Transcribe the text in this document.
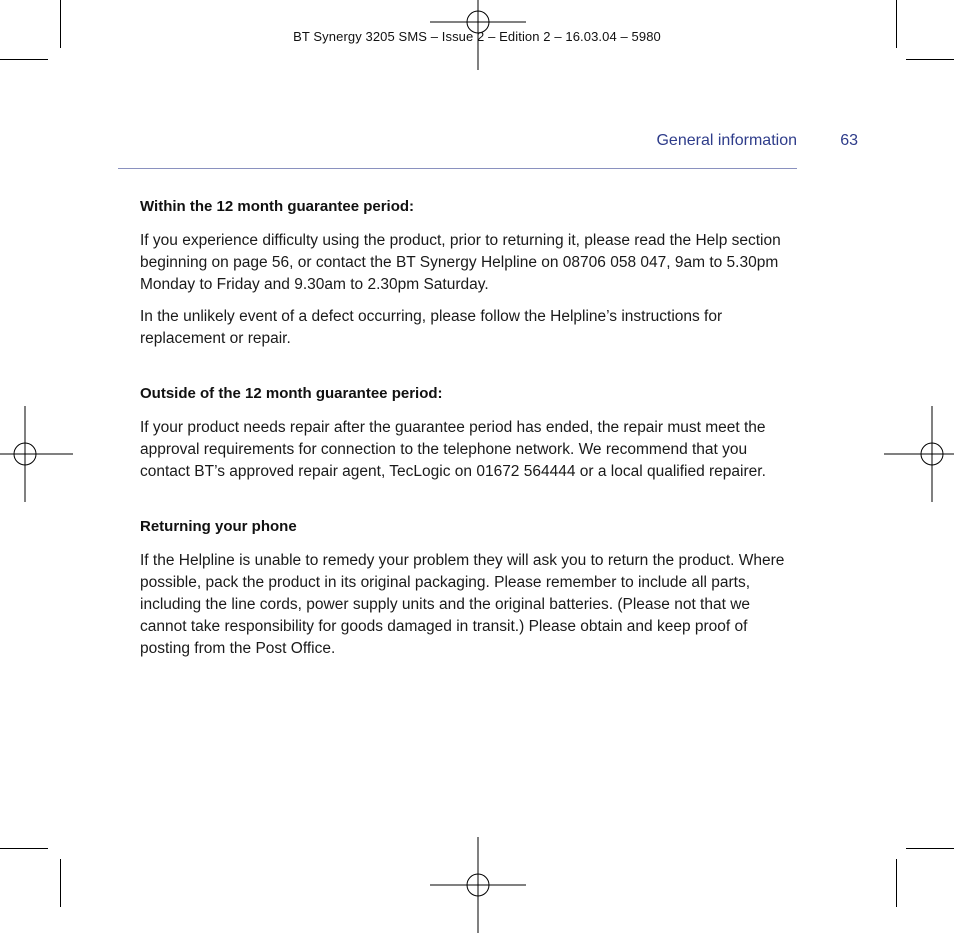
BT Synergy 3205 SMS – Issue 2 – Edition 2 – 16.03.04 – 5980
General information	63
Within the 12 month guarantee period:

If you experience difficulty using the product, prior to returning it, please read the Help section beginning on page 56, or contact the BT Synergy Helpline on 08706 058 047, 9am to 5.30pm Monday to Friday and 9.30am to 2.30pm Saturday.

In the unlikely event of a defect occurring, please follow the Helpline’s instructions for replacement or repair.

Outside of the 12 month guarantee period:

If your product needs repair after the guarantee period has ended, the repair must meet the approval requirements for connection to the telephone network. We recommend that you contact BT’s approved repair agent, TecLogic on 01672 564444 or a local qualified repairer.

Returning your phone

If the Helpline is unable to remedy your problem they will ask you to return the product. Where possible, pack the product in its original packaging. Please remember to include all parts, including the line cords, power supply units and the original batteries. (Please not that we cannot take responsibility for goods damaged in transit.) Please obtain and keep proof of posting from the Post Office.
